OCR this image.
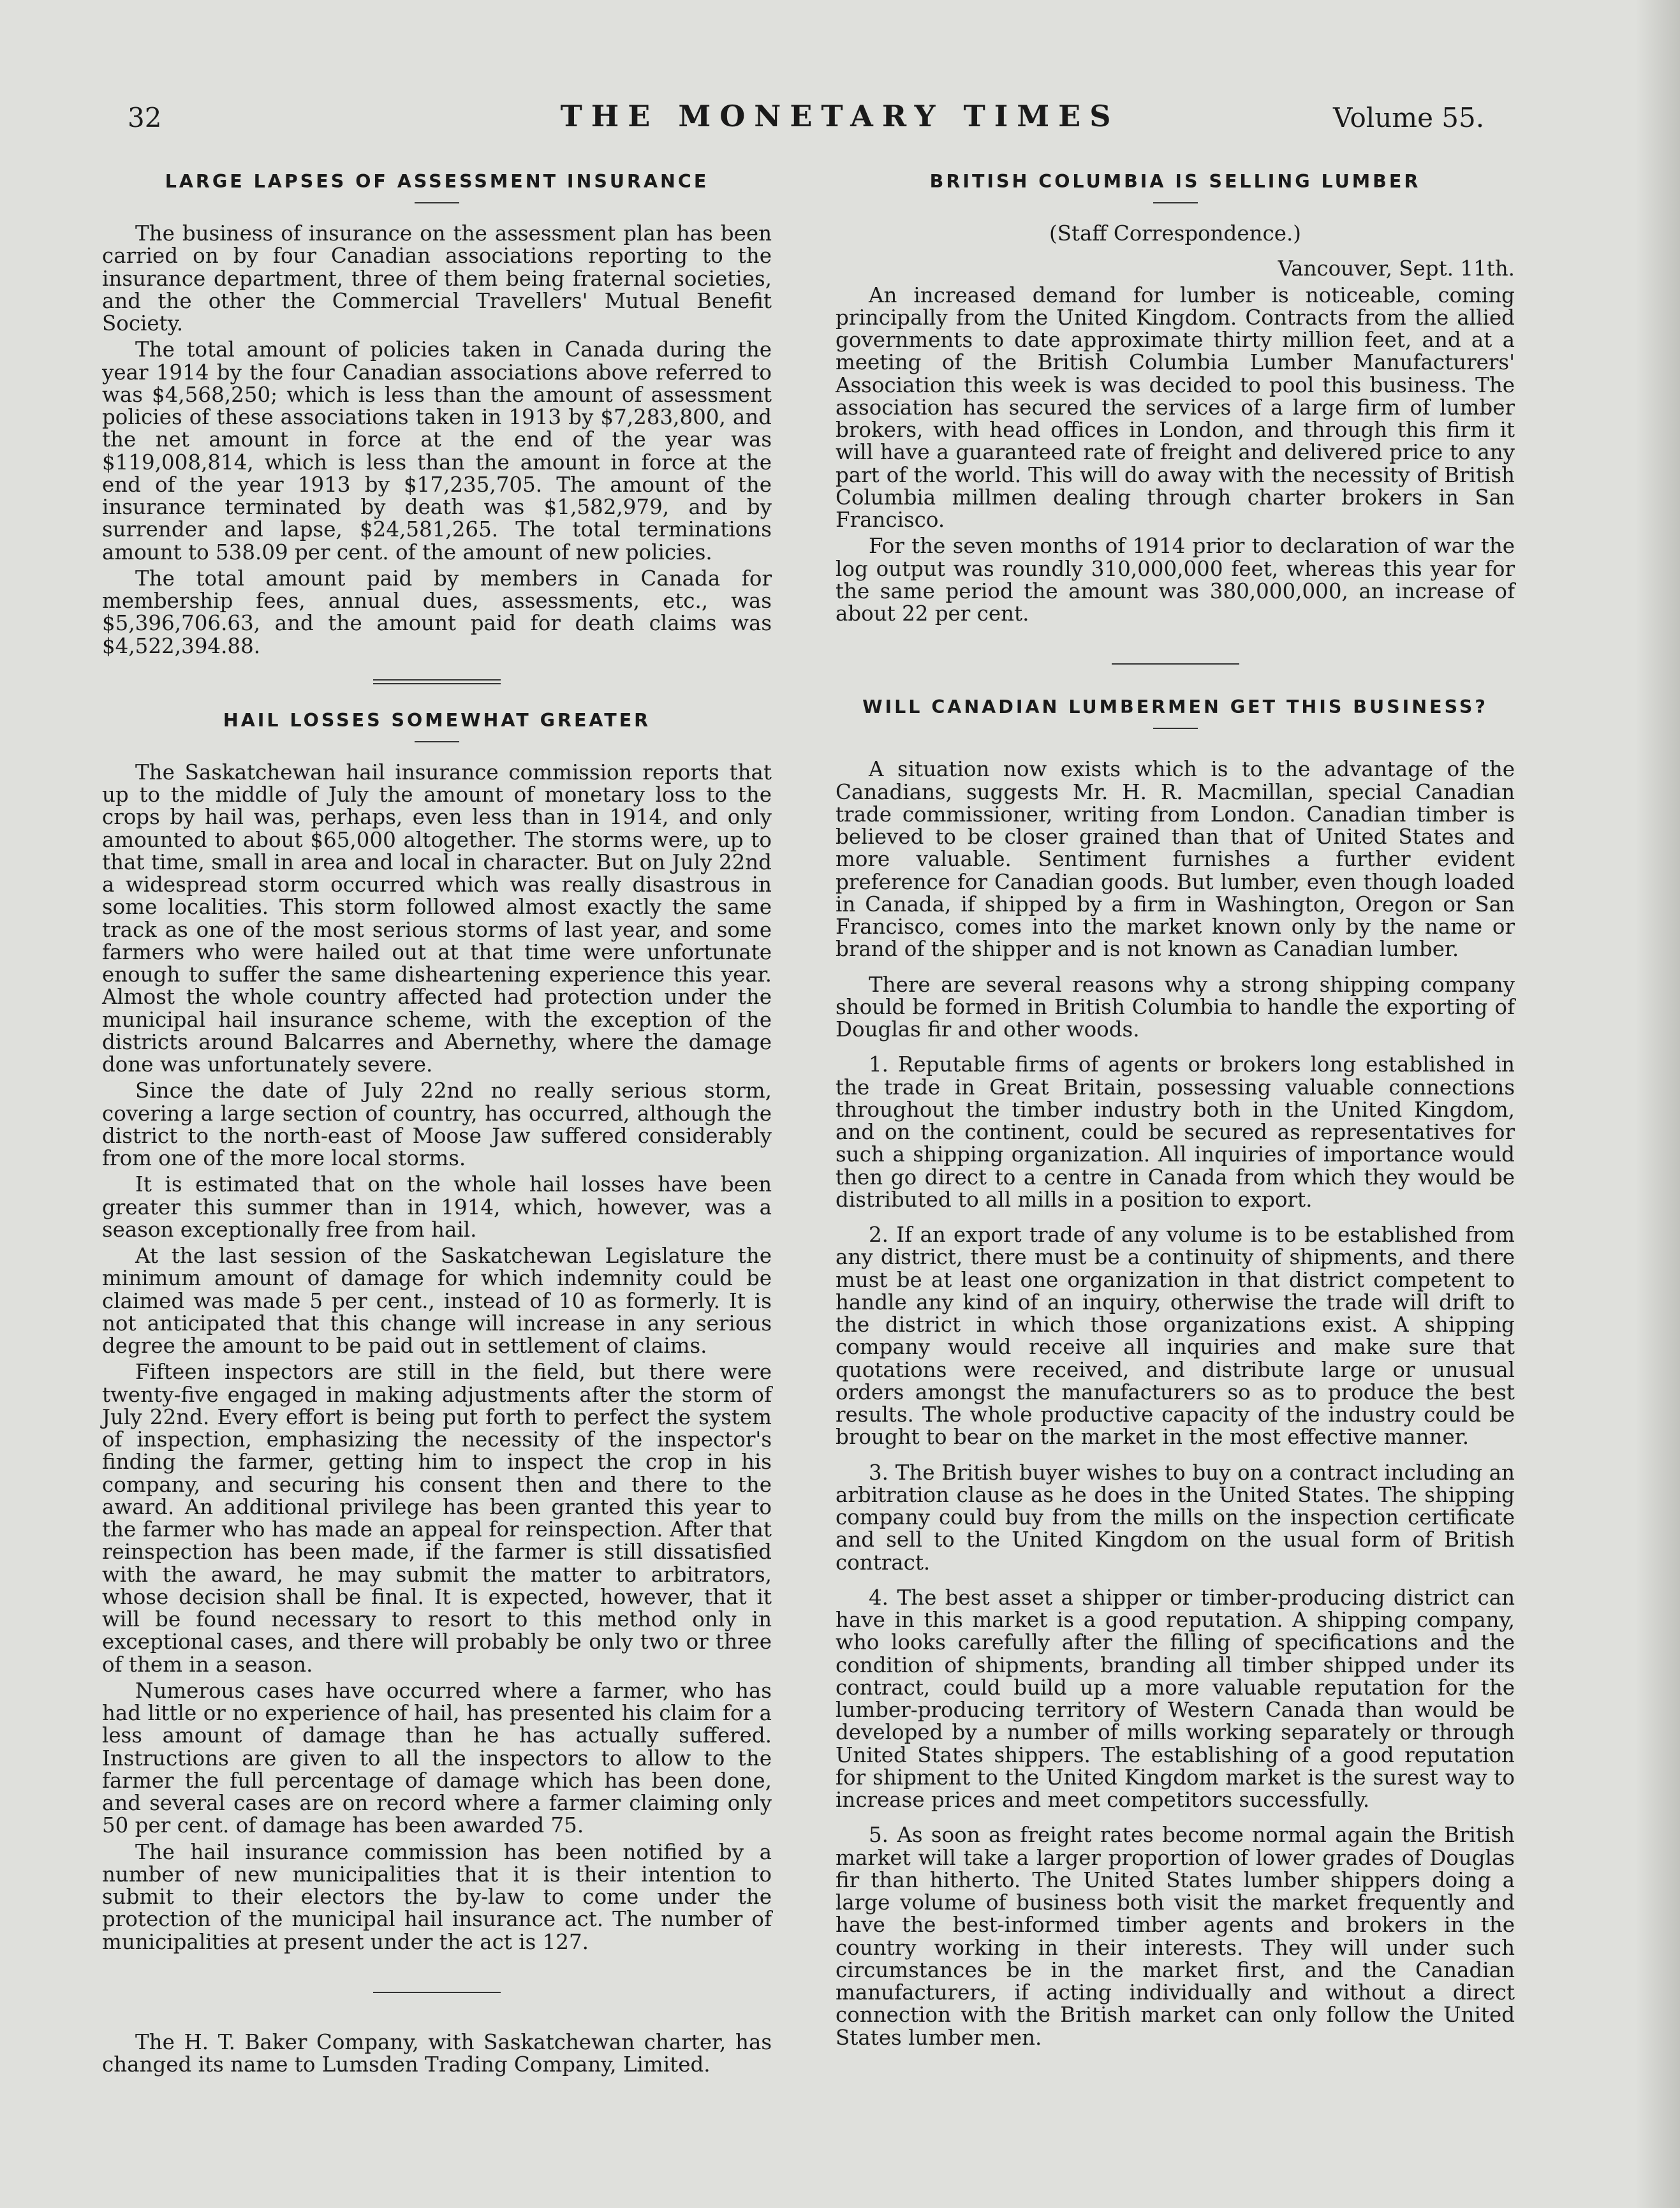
32	THE MONETARY TIMES	Volume 55.
LARGE LAPSES OF ASSESSMENT INSURANCE

The business of insurance on the assessment plan has been carried on by four Canadian associations reporting to the insurance department, three of them being fraternal societies, and the other the Commercial Travellers' Mutual Benefit Society.

The total amount of policies taken in Canada during the year 1914 by the four Canadian associations above referred to was $4,568,250; which is less than the amount of assessment policies of these associations taken in 1913 by $7,283,800, and the net amount in force at the end of the year was $119,008,814, which is less than the amount in force at the end of the year 1913 by $17,235,705. The amount of the insurance terminated by death was $1,582,979, and by surrender and lapse, $24,581,265. The total terminations amount to 538.09 per cent. of the amount of new policies.

The total amount paid by members in Canada for membership fees, annual dues, assessments, etc., was $5,396,706.63, and the amount paid for death claims was $4,522,394.88.

HAIL LOSSES SOMEWHAT GREATER

The Saskatchewan hail insurance commission reports that up to the middle of July the amount of monetary loss to the crops by hail was, perhaps, even less than in 1914, and only amounted to about $65,000 altogether. The storms were, up to that time, small in area and local in character. But on July 22nd a widespread storm occurred which was really disastrous in some localities. This storm followed almost exactly the same track as one of the most serious storms of last year, and some farmers who were hailed out at that time were unfortunate enough to suffer the same disheartening experience this year. Almost the whole country affected had protection under the municipal hail insurance scheme, with the exception of the districts around Balcarres and Abernethy, where the damage done was unfortunately severe.

Since the date of July 22nd no really serious storm, covering a large section of country, has occurred, although the district to the north-east of Moose Jaw suffered considerably from one of the more local storms.

It is estimated that on the whole hail losses have been greater this summer than in 1914, which, however, was a season exceptionally free from hail.

At the last session of the Saskatchewan Legislature the minimum amount of damage for which indemnity could be claimed was made 5 per cent., instead of 10 as formerly. It is not anticipated that this change will increase in any serious degree the amount to be paid out in settlement of claims.

Fifteen inspectors are still in the field, but there were twenty-five engaged in making adjustments after the storm of July 22nd. Every effort is being put forth to perfect the system of inspection, emphasizing the necessity of the inspector's finding the farmer, getting him to inspect the crop in his company, and securing his consent then and there to the award. An additional privilege has been granted this year to the farmer who has made an appeal for reinspection. After that reinspection has been made, if the farmer is still dissatisfied with the award, he may submit the matter to arbitrators, whose decision shall be final. It is expected, however, that it will be found necessary to resort to this method only in exceptional cases, and there will probably be only two or three of them in a season.

Numerous cases have occurred where a farmer, who has had little or no experience of hail, has presented his claim for a less amount of damage than he has actually suffered. Instructions are given to all the inspectors to allow to the farmer the full percentage of damage which has been done, and several cases are on record where a farmer claiming only 50 per cent. of damage has been awarded 75.

The hail insurance commission has been notified by a number of new municipalities that it is their intention to submit to their electors the by-law to come under the protection of the municipal hail insurance act. The number of municipalities at present under the act is 127.

The H. T. Baker Company, with Saskatchewan charter, has changed its name to Lumsden Trading Company, Limited.

BRITISH COLUMBIA IS SELLING LUMBER

(Staff Correspondence.)

Vancouver, Sept. 11th.

An increased demand for lumber is noticeable, coming principally from the United Kingdom. Contracts from the allied governments to date approximate thirty million feet, and at a meeting of the British Columbia Lumber Manufacturers' Association this week is was decided to pool this business. The association has secured the services of a large firm of lumber brokers, with head offices in London, and through this firm it will have a guaranteed rate of freight and delivered price to any part of the world. This will do away with the necessity of British Columbia millmen dealing through charter brokers in San Francisco.

For the seven months of 1914 prior to declaration of war the log output was roundly 310,000,000 feet, whereas this year for the same period the amount was 380,000,000, an increase of about 22 per cent.

WILL CANADIAN LUMBERMEN GET THIS BUSINESS?

A situation now exists which is to the advantage of the Canadians, suggests Mr. H. R. Macmillan, special Canadian trade commissioner, writing from London. Canadian timber is believed to be closer grained than that of United States and more valuable. Sentiment furnishes a further evident preference for Canadian goods. But lumber, even though loaded in Canada, if shipped by a firm in Washington, Oregon or San Francisco, comes into the market known only by the name or brand of the shipper and is not known as Canadian lumber.

There are several reasons why a strong shipping company should be formed in British Columbia to handle the exporting of Douglas fir and other woods.

1. Reputable firms of agents or brokers long established in the trade in Great Britain, possessing valuable connections throughout the timber industry both in the United Kingdom, and on the continent, could be secured as representatives for such a shipping organization. All inquiries of importance would then go direct to a centre in Canada from which they would be distributed to all mills in a position to export.

2. If an export trade of any volume is to be established from any district, there must be a continuity of shipments, and there must be at least one organization in that district competent to handle any kind of an inquiry, otherwise the trade will drift to the district in which those organizations exist. A shipping company would receive all inquiries and make sure that quotations were received, and distribute large or unusual orders amongst the manufacturers so as to produce the best results. The whole productive capacity of the industry could be brought to bear on the market in the most effective manner.

3. The British buyer wishes to buy on a contract including an arbitration clause as he does in the United States. The shipping company could buy from the mills on the inspection certificate and sell to the United Kingdom on the usual form of British contract.

4. The best asset a shipper or timber-producing district can have in this market is a good reputation. A shipping company, who looks carefully after the filling of specifications and the condition of shipments, branding all timber shipped under its contract, could build up a more valuable reputation for the lumber-producing territory of Western Canada than would be developed by a number of mills working separately or through United States shippers. The establishing of a good reputation for shipment to the United Kingdom market is the surest way to increase prices and meet competitors successfully.

5. As soon as freight rates become normal again the British market will take a larger proportion of lower grades of Douglas fir than hitherto. The United States lumber shippers doing a large volume of business both visit the market frequently and have the best-informed timber agents and brokers in the country working in their interests. They will under such circumstances be in the market first, and the Canadian manufacturers, if acting individually and without a direct connection with the British market can only follow the United States lumber men.
